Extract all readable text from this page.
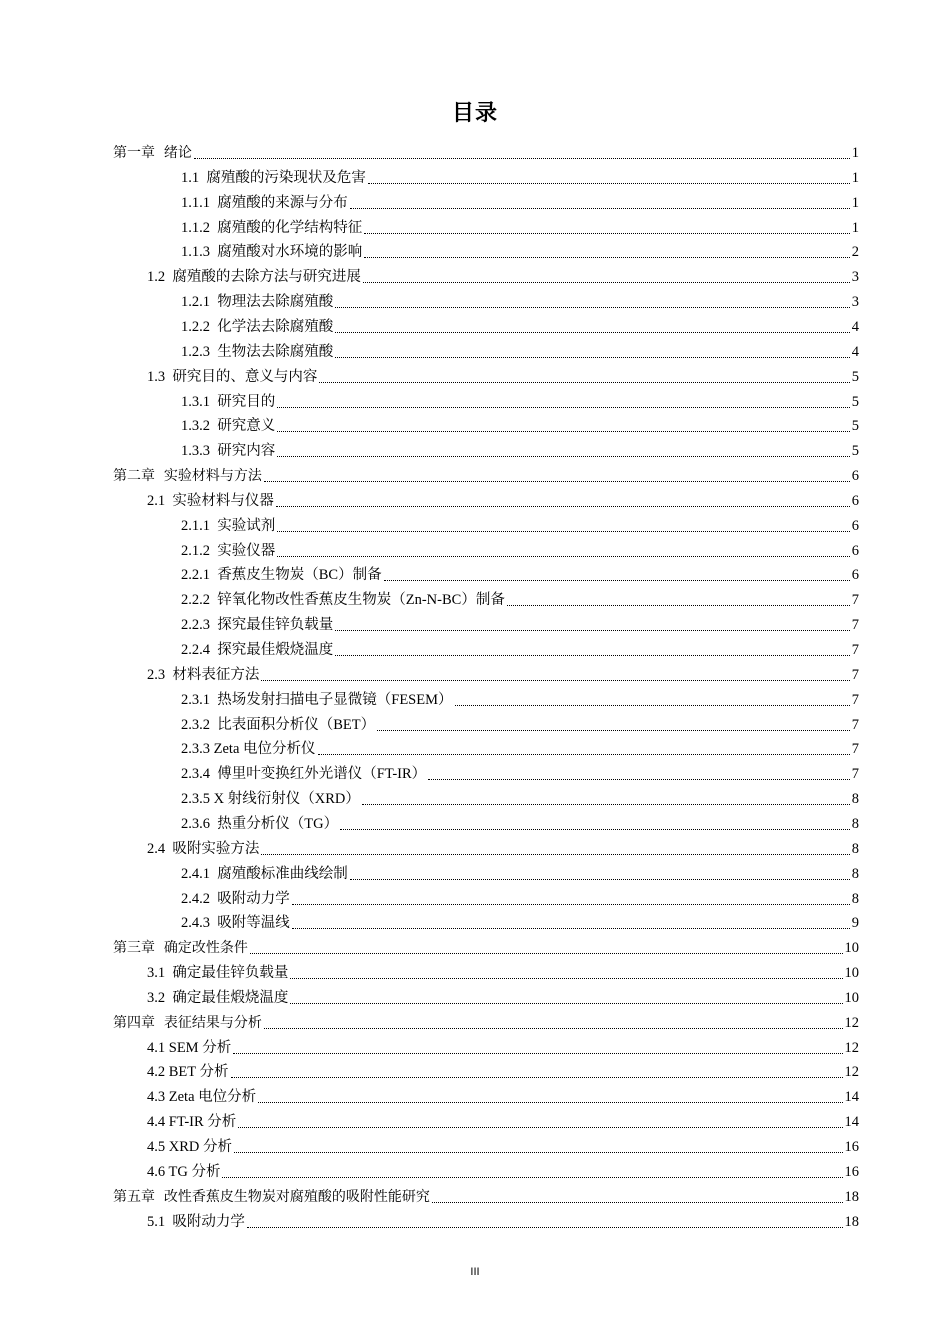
目录
第一章  绪论	1
1.1  腐殖酸的污染现状及危害	1
1.1.1  腐殖酸的来源与分布	1
1.1.2  腐殖酸的化学结构特征	1
1.1.3  腐殖酸对水环境的影响	2
1.2  腐殖酸的去除方法与研究进展	3
1.2.1  物理法去除腐殖酸	3
1.2.2  化学法去除腐殖酸	4
1.2.3  生物法去除腐殖酸	4
1.3  研究目的、意义与内容	5
1.3.1  研究目的	5
1.3.2  研究意义	5
1.3.3  研究内容	5
第二章  实验材料与方法	6
2.1  实验材料与仪器	6
2.1.1  实验试剂	6
2.1.2  实验仪器	6
2.2.1  香蕉皮生物炭（BC）制备	6
2.2.2  锌氧化物改性香蕉皮生物炭（Zn-N-BC）制备	7
2.2.3  探究最佳锌负载量	7
2.2.4  探究最佳煅烧温度	7
2.3  材料表征方法	7
2.3.1  热场发射扫描电子显微镜（FESEM）	7
2.3.2  比表面积分析仪（BET）	7
2.3.3 Zeta 电位分析仪	7
2.3.4  傅里叶变换红外光谱仪（FT-IR）	7
2.3.5 X 射线衍射仪（XRD）	8
2.3.6  热重分析仪（TG）	8
2.4  吸附实验方法	8
2.4.1  腐殖酸标准曲线绘制	8
2.4.2  吸附动力学	8
2.4.3  吸附等温线	9
第三章  确定改性条件	10
3.1  确定最佳锌负载量	10
3.2  确定最佳煅烧温度	10
第四章  表征结果与分析	12
4.1 SEM 分析	12
4.2 BET 分析	12
4.3 Zeta 电位分析	14
4.4 FT-IR 分析	14
4.5 XRD 分析	16
4.6 TG 分析	16
第五章  改性香蕉皮生物炭对腐殖酸的吸附性能研究	18
5.1  吸附动力学	18
III
